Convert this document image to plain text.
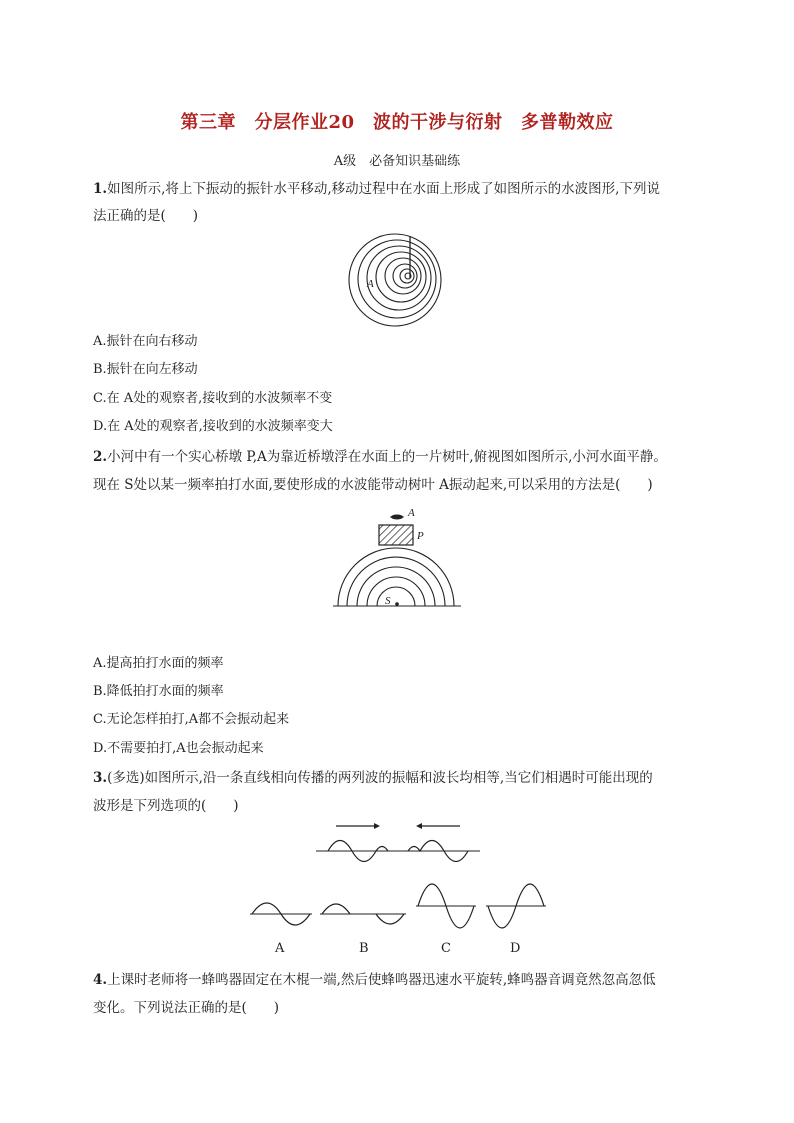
第三章　分层作业20　波的干涉与衍射　多普勒效应
A级　必备知识基础练
1.如图所示,将上下振动的振针水平移动,移动过程中在水面上形成了如图所示的水波图形,下列说
法正确的是(　　)
A
A.振针在向右移动
B.振针在向左移动
C.在 A处的观察者,接收到的水波频率不变
D.在 A处的观察者,接收到的水波频率变大
2.小河中有一个实心桥墩 P,A为靠近桥墩浮在水面上的一片树叶,俯视图如图所示,小河水面平静。
现在 S处以某一频率拍打水面,要使形成的水波能带动树叶 A振动起来,可以采用的方法是(　　)
A
P
S
A.提高拍打水面的频率
B.降低拍打水面的频率
C.无论怎样拍打,A都不会振动起来
D.不需要拍打,A也会振动起来
3.(多选)如图所示,沿一条直线相向传播的两列波的振幅和波长均相等,当它们相遇时可能出现的
波形是下列选项的(　　)
A	B	C	D
4.上课时老师将一蜂鸣器固定在木棍一端,然后使蜂鸣器迅速水平旋转,蜂鸣器音调竟然忽高忽低
变化。下列说法正确的是(　　)
